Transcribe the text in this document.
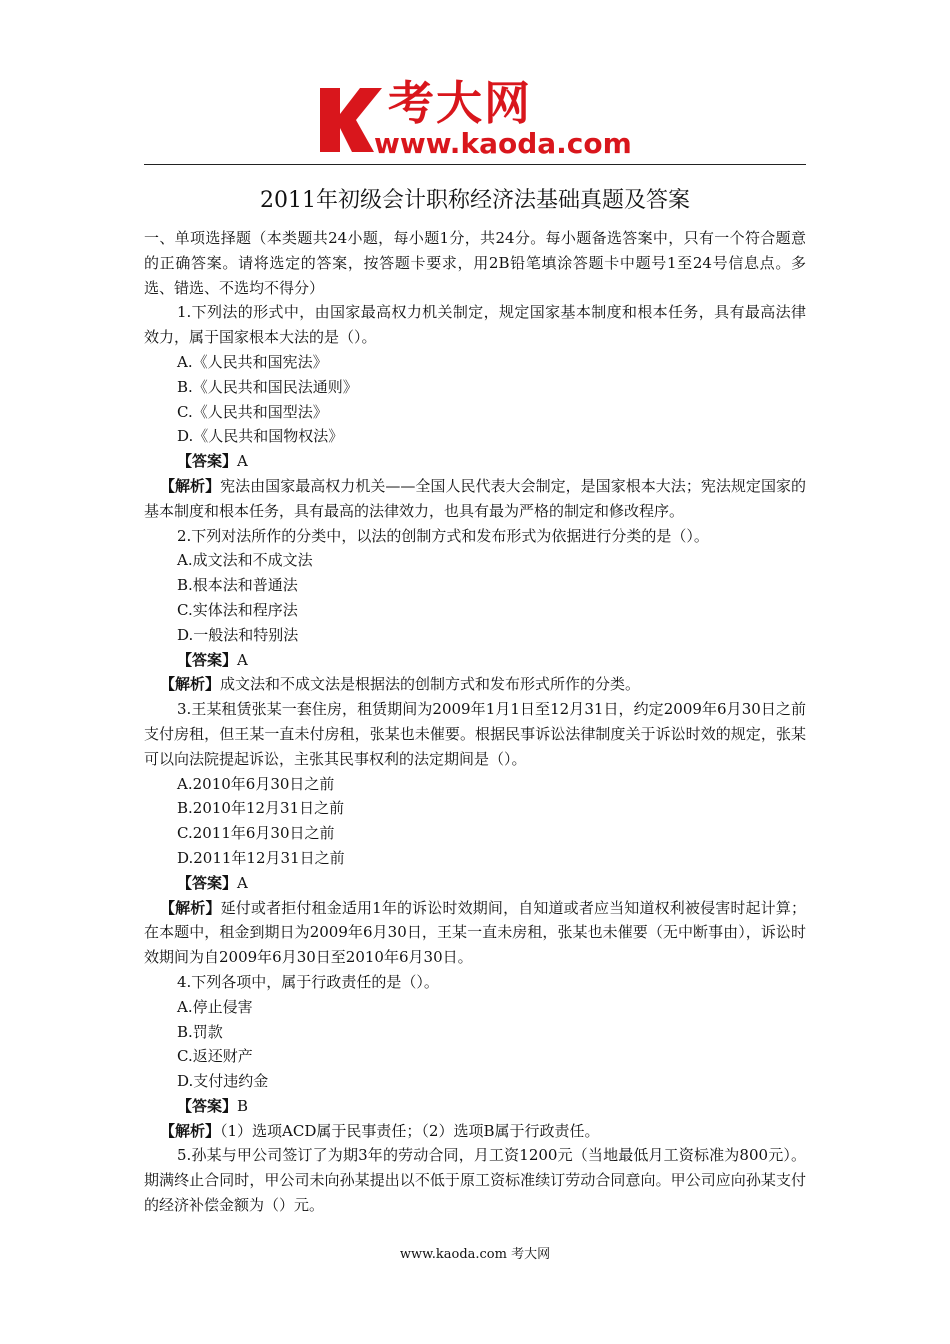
考大网
www.kaoda.com
2011年初级会计职称经济法基础真题及答案

一、单项选择题（本类题共24小题，每小题1分，共24分。每小题备选答案中，只有一个符合题意的正确答案。请将选定的答案，按答题卡要求，用2B铅笔填涂答题卡中题号1至24号信息点。多选、错选、不选均不得分）

1.下列法的形式中，由国家最高权力机关制定，规定国家基本制度和根本任务，具有最高法律效力，属于国家根本大法的是（）。

A.《人民共和国宪法》

B.《人民共和国民法通则》

C.《人民共和国型法》

D.《人民共和国物权法》

【答案】A

【解析】宪法由国家最高权力机关——全国人民代表大会制定，是国家根本大法；宪法规定国家的基本制度和根本任务，具有最高的法律效力，也具有最为严格的制定和修改程序。

2.下列对法所作的分类中，以法的创制方式和发布形式为依据进行分类的是（）。

A.成文法和不成文法

B.根本法和普通法

C.实体法和程序法

D.一般法和特别法

【答案】A

【解析】成文法和不成文法是根据法的创制方式和发布形式所作的分类。

3.王某租赁张某一套住房，租赁期间为2009年1月1日至12月31日，约定2009年6月30日之前支付房租，但王某一直未付房租，张某也未催要。根据民事诉讼法律制度关于诉讼时效的规定，张某可以向法院提起诉讼，主张其民事权利的法定期间是（）。

A.2010年6月30日之前

B.2010年12月31日之前

C.2011年6月30日之前

D.2011年12月31日之前

【答案】A

【解析】延付或者拒付租金适用1年的诉讼时效期间，自知道或者应当知道权利被侵害时起计算；在本题中，租金到期日为2009年6月30日，王某一直未房租，张某也未催要（无中断事由），诉讼时效期间为自2009年6月30日至2010年6月30日。

4.下列各项中，属于行政责任的是（）。

A.停止侵害

B.罚款

C.返还财产

D.支付违约金

【答案】B

【解析】（1）选项ACD属于民事责任；（2）选项B属于行政责任。

5.孙某与甲公司签订了为期3年的劳动合同，月工资1200元（当地最低月工资标准为800元）。期满终止合同时，甲公司未向孙某提出以不低于原工资标准续订劳动合同意向。甲公司应向孙某支付的经济补偿金额为（）元。

www.kaoda.com 考大网
